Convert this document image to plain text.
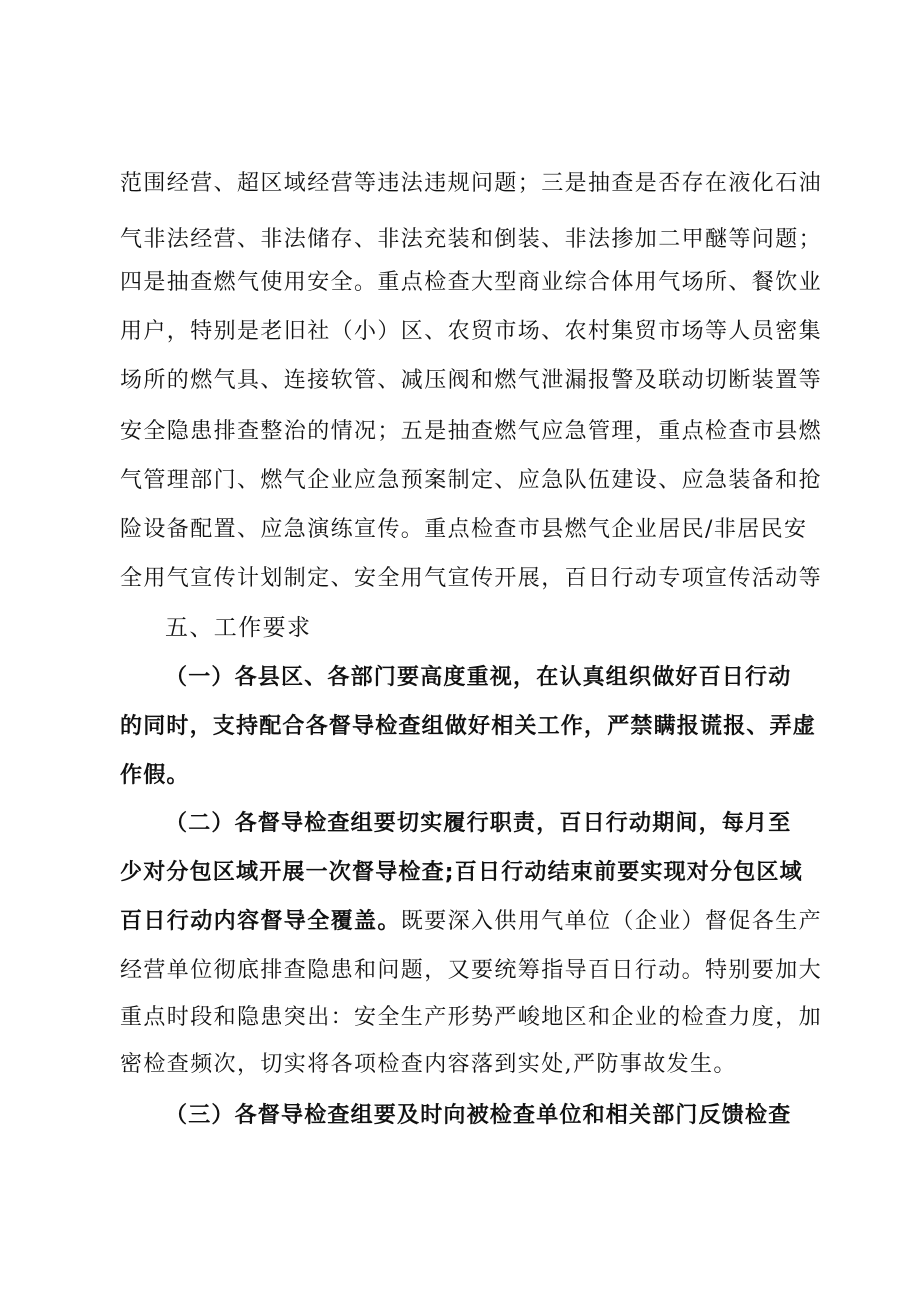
范围经营、超区域经营等违法违规问题；三是抽查是否存在液化石油
气非法经营、非法储存、非法充装和倒装、非法掺加二甲醚等问题；
四是抽查燃气使用安全。重点检查大型商业综合体用气场所、餐饮业
用户，特别是老旧社（小）区、农贸市场、农村集贸市场等人员密集
场所的燃气具、连接软管、减压阀和燃气泄漏报警及联动切断装置等
安全隐患排查整治的情况；五是抽查燃气应急管理，重点检查市县燃
气管理部门、燃气企业应急预案制定、应急队伍建设、应急装备和抢
险设备配置、应急演练宣传。重点检查市县燃气企业居民/非居民安
全用气宣传计划制定、安全用气宣传开展，百日行动专项宣传活动等
五、工作要求
（一）各县区、各部门要高度重视，在认真组织做好百日行动
的同时，支持配合各督导检查组做好相关工作，严禁瞒报谎报、弄虚
作假。
（二）各督导检查组要切实履行职责，百日行动期间，每月至
少对分包区域开展一次督导检查;百日行动结束前要实现对分包区域
百日行动内容督导全覆盖。既要深入供用气单位（企业）督促各生产
经营单位彻底排查隐患和问题，又要统筹指导百日行动。特别要加大
重点时段和隐患突出：安全生产形势严峻地区和企业的检查力度，加
密检查频次，切实将各项检查内容落到实处,严防事故发生。
（三）各督导检查组要及时向被检查单位和相关部门反馈检查
